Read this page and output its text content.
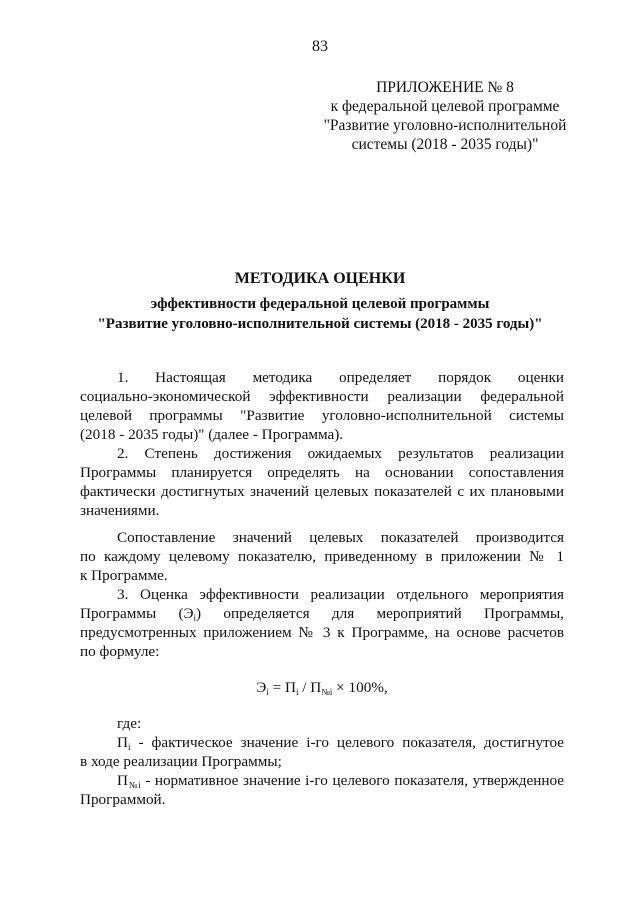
83
ПРИЛОЖЕНИЕ № 8
к федеральной целевой программе
"Развитие уголовно-исполнительной
системы (2018 - 2035 годы)"
МЕТОДИКА ОЦЕНКИ
эффективности федеральной целевой программы
"Развитие уголовно-исполнительной системы (2018 - 2035 годы)"
1. Настоящая методика определяет порядок оценки
социально-экономической эффективности реализации федеральной
целевой программы "Развитие уголовно-исполнительной системы
(2018 - 2035 годы)" (далее - Программа).
2. Степень достижения ожидаемых результатов реализации
Программы планируется определять на основании сопоставления
фактически достигнутых значений целевых показателей с их плановыми
значениями.
Сопоставление значений целевых показателей производится
по каждому целевому показателю, приведенному в приложении № 1
к Программе.
3. Оценка эффективности реализации отдельного мероприятия
Программы $(Э_i)$ определяется для мероприятий Программы,
предусмотренных приложением № 3 к Программе, на основе расчетов
по формуле:
$Э_i = П_i / П_{№i} \times 100\%$,
где:
$П_i$ - фактическое значение i-го целевого показателя, достигнутое
в ходе реализации Программы;
$П_{№i}$ - нормативное значение i-го целевого показателя, утвержденное
Программой.
